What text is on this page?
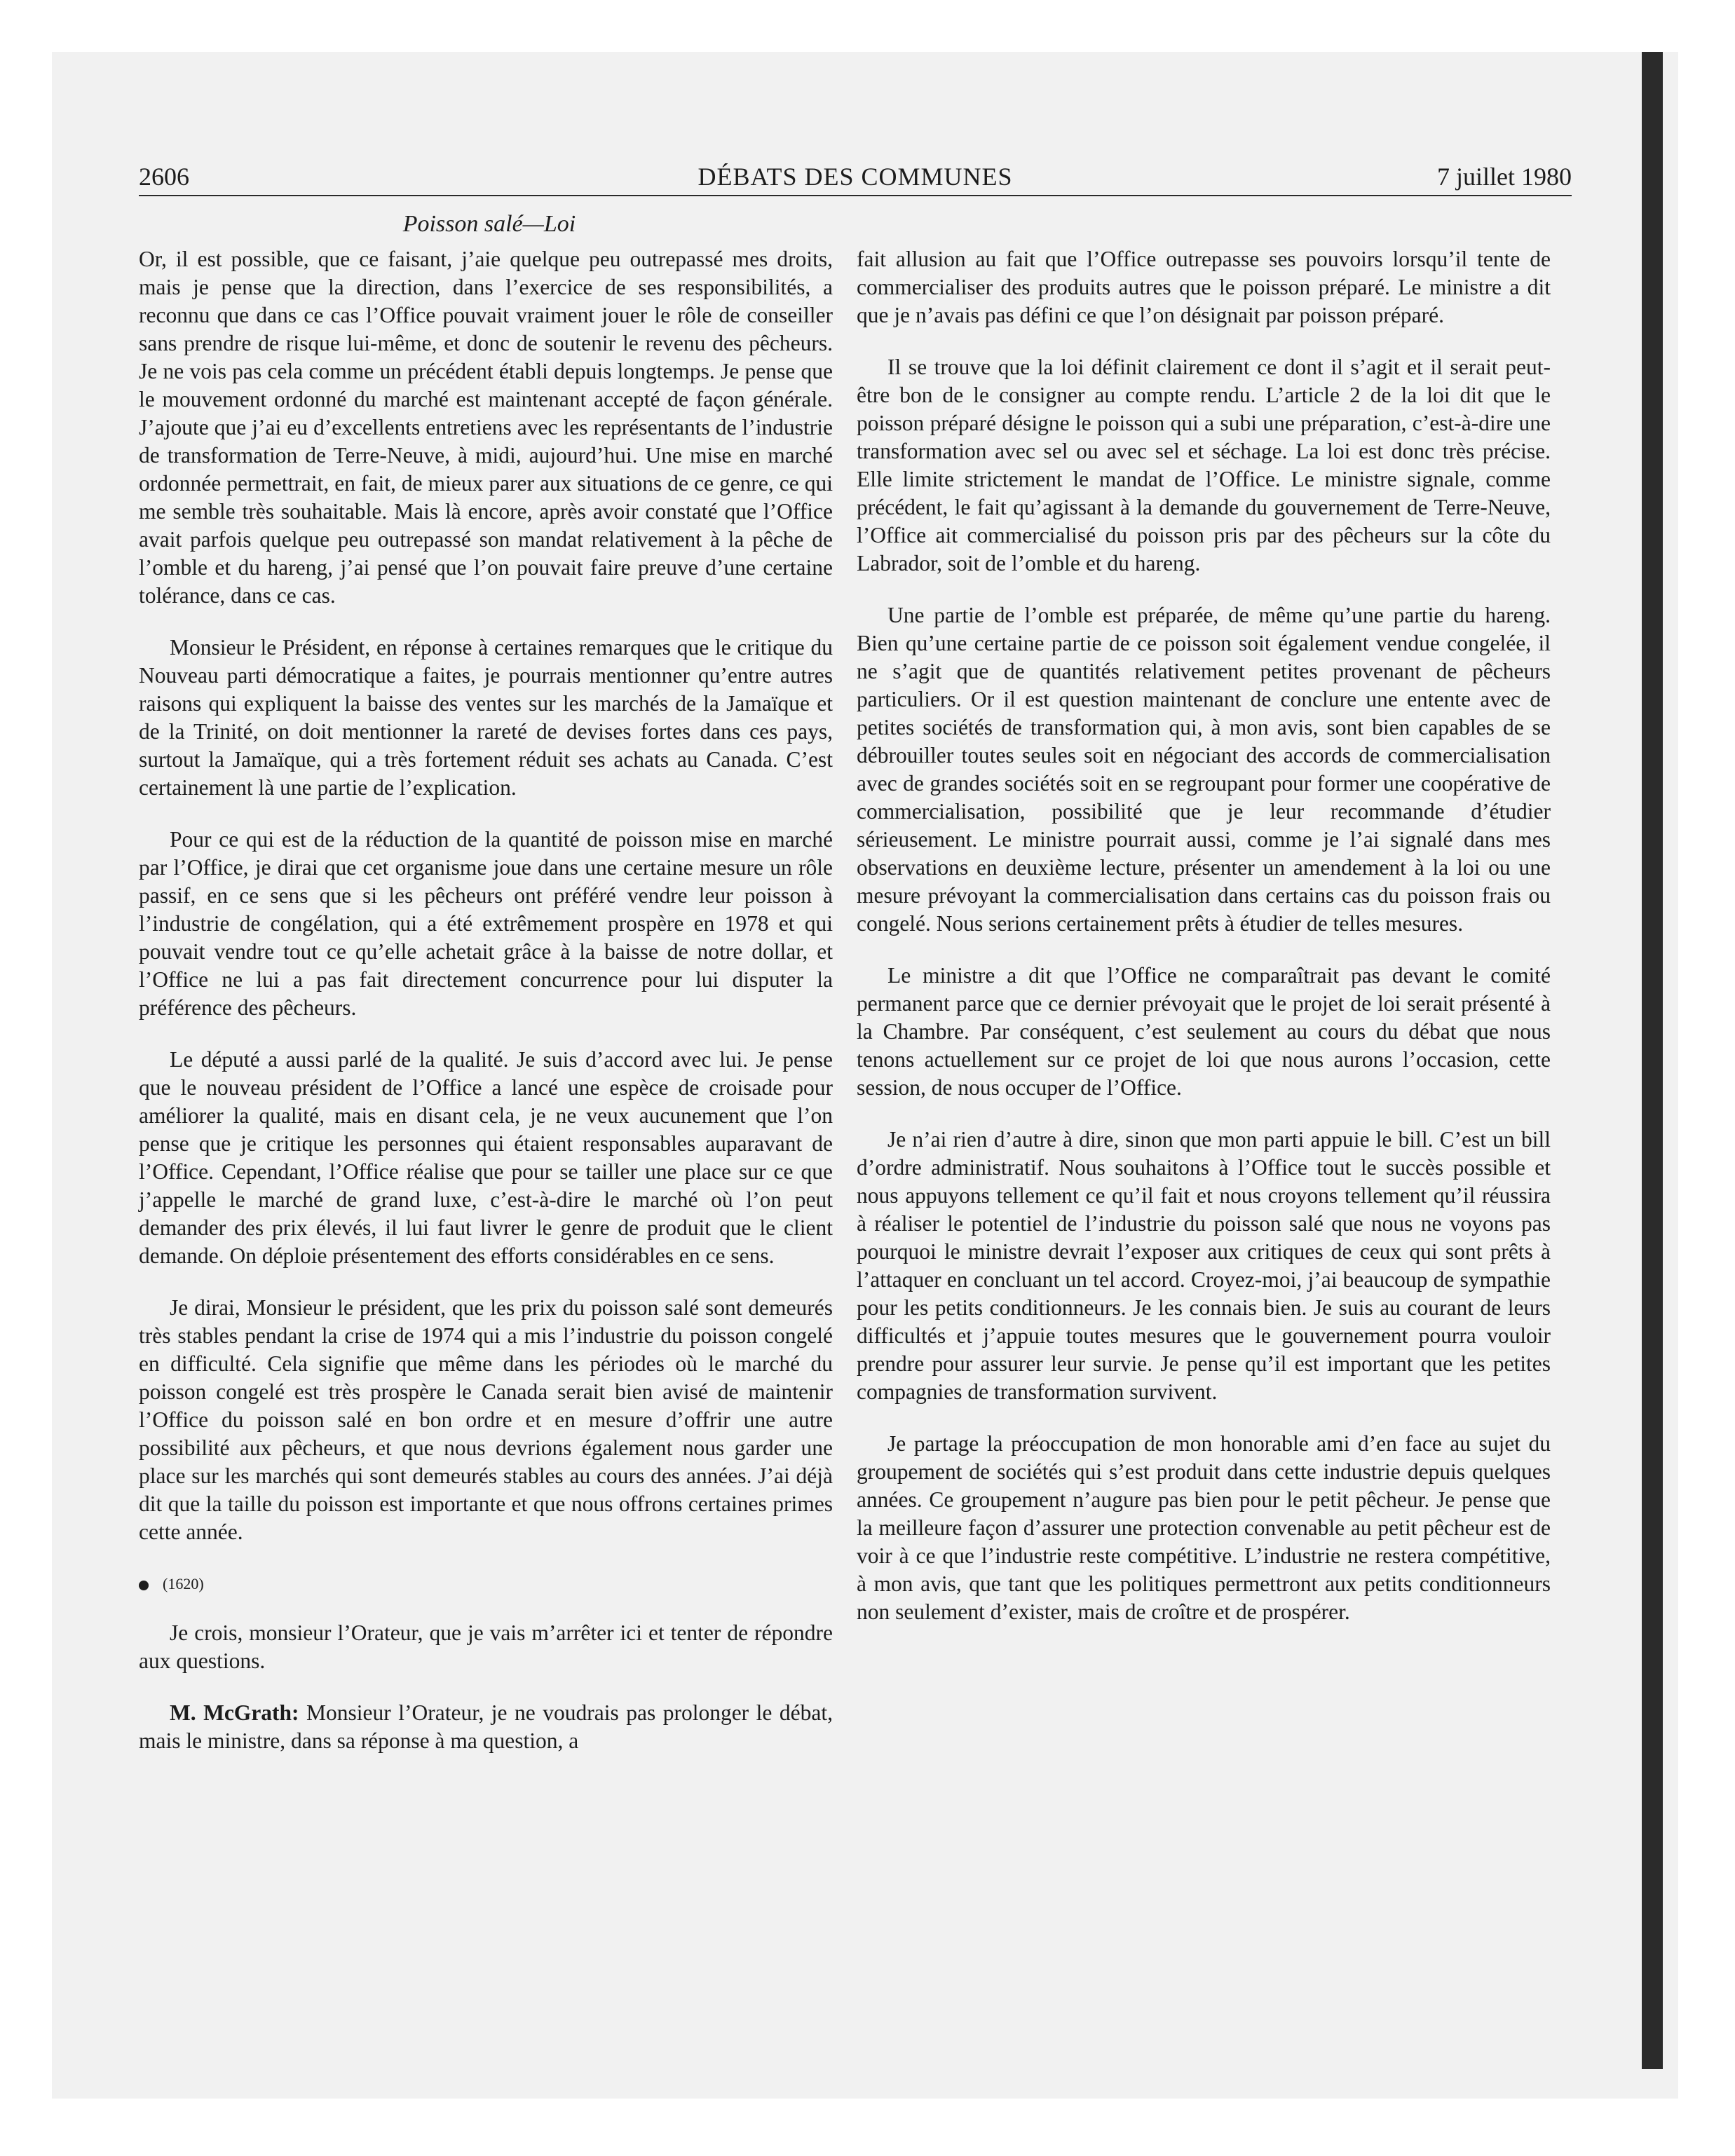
2606	DÉBATS DES COMMUNES	7 juillet 1980
Poisson salé—Loi

Or, il est possible, que ce faisant, j’aie quelque peu outrepassé mes droits, mais je pense que la direction, dans l’exercice de ses responsibilités, a reconnu que dans ce cas l’Office pouvait vraiment jouer le rôle de conseiller sans prendre de risque lui-même, et donc de soutenir le revenu des pêcheurs. Je ne vois pas cela comme un précédent établi depuis longtemps. Je pense que le mouvement ordonné du marché est maintenant accepté de façon générale. J’ajoute que j’ai eu d’excellents entretiens avec les représentants de l’industrie de transformation de Terre-Neuve, à midi, aujourd’hui. Une mise en marché ordonnée permettrait, en fait, de mieux parer aux situations de ce genre, ce qui me semble très souhaitable. Mais là encore, après avoir constaté que l’Office avait parfois quelque peu outrepassé son mandat relativement à la pêche de l’omble et du hareng, j’ai pensé que l’on pouvait faire preuve d’une certaine tolérance, dans ce cas.

Monsieur le Président, en réponse à certaines remarques que le critique du Nouveau parti démocratique a faites, je pourrais mentionner qu’entre autres raisons qui expliquent la baisse des ventes sur les marchés de la Jamaïque et de la Trinité, on doit mentionner la rareté de devises fortes dans ces pays, surtout la Jamaïque, qui a très fortement réduit ses achats au Canada. C’est certainement là une partie de l’explication.

Pour ce qui est de la réduction de la quantité de poisson mise en marché par l’Office, je dirai que cet organisme joue dans une certaine mesure un rôle passif, en ce sens que si les pêcheurs ont préféré vendre leur poisson à l’industrie de congélation, qui a été extrêmement prospère en 1978 et qui pouvait vendre tout ce qu’elle achetait grâce à la baisse de notre dollar, et l’Office ne lui a pas fait directement concurrence pour lui disputer la préférence des pêcheurs.

Le député a aussi parlé de la qualité. Je suis d’accord avec lui. Je pense que le nouveau président de l’Office a lancé une espèce de croisade pour améliorer la qualité, mais en disant cela, je ne veux aucunement que l’on pense que je critique les personnes qui étaient responsables auparavant de l’Office. Cependant, l’Office réalise que pour se tailler une place sur ce que j’appelle le marché de grand luxe, c’est-à-dire le marché où l’on peut demander des prix élevés, il lui faut livrer le genre de produit que le client demande. On déploie présentement des efforts considérables en ce sens.

Je dirai, Monsieur le président, que les prix du poisson salé sont demeurés très stables pendant la crise de 1974 qui a mis l’industrie du poisson congelé en difficulté. Cela signifie que même dans les périodes où le marché du poisson congelé est très prospère le Canada serait bien avisé de maintenir l’Office du poisson salé en bon ordre et en mesure d’offrir une autre possibilité aux pêcheurs, et que nous devrions également nous garder une place sur les marchés qui sont demeurés stables au cours des années. J’ai déjà dit que la taille du poisson est importante et que nous offrons certaines primes cette année.

(1620)

Je crois, monsieur l’Orateur, que je vais m’arrêter ici et tenter de répondre aux questions.

M. McGrath: Monsieur l’Orateur, je ne voudrais pas prolonger le débat, mais le ministre, dans sa réponse à ma question, a

fait allusion au fait que l’Office outrepasse ses pouvoirs lorsqu’il tente de commercialiser des produits autres que le poisson préparé. Le ministre a dit que je n’avais pas défini ce que l’on désignait par poisson préparé.

Il se trouve que la loi définit clairement ce dont il s’agit et il serait peut-être bon de le consigner au compte rendu. L’article 2 de la loi dit que le poisson préparé désigne le poisson qui a subi une préparation, c’est-à-dire une transformation avec sel ou avec sel et séchage. La loi est donc très précise. Elle limite strictement le mandat de l’Office. Le ministre signale, comme précédent, le fait qu’agissant à la demande du gouvernement de Terre-Neuve, l’Office ait commercialisé du poisson pris par des pêcheurs sur la côte du Labrador, soit de l’omble et du hareng.

Une partie de l’omble est préparée, de même qu’une partie du hareng. Bien qu’une certaine partie de ce poisson soit également vendue congelée, il ne s’agit que de quantités relativement petites provenant de pêcheurs particuliers. Or il est question maintenant de conclure une entente avec de petites sociétés de transformation qui, à mon avis, sont bien capables de se débrouiller toutes seules soit en négociant des accords de commercialisation avec de grandes sociétés soit en se regroupant pour former une coopérative de commercialisation, possibilité que je leur recommande d’étudier sérieusement. Le ministre pourrait aussi, comme je l’ai signalé dans mes observations en deuxième lecture, présenter un amendement à la loi ou une mesure prévoyant la commercialisation dans certains cas du poisson frais ou congelé. Nous serions certainement prêts à étudier de telles mesures.

Le ministre a dit que l’Office ne comparaîtrait pas devant le comité permanent parce que ce dernier prévoyait que le projet de loi serait présenté à la Chambre. Par conséquent, c’est seulement au cours du débat que nous tenons actuellement sur ce projet de loi que nous aurons l’occasion, cette session, de nous occuper de l’Office.

Je n’ai rien d’autre à dire, sinon que mon parti appuie le bill. C’est un bill d’ordre administratif. Nous souhaitons à l’Office tout le succès possible et nous appuyons tellement ce qu’il fait et nous croyons tellement qu’il réussira à réaliser le potentiel de l’industrie du poisson salé que nous ne voyons pas pourquoi le ministre devrait l’exposer aux critiques de ceux qui sont prêts à l’attaquer en concluant un tel accord. Croyez-moi, j’ai beaucoup de sympathie pour les petits conditionneurs. Je les connais bien. Je suis au courant de leurs difficultés et j’appuie toutes mesures que le gouvernement pourra vouloir prendre pour assurer leur survie. Je pense qu’il est important que les petites compagnies de transformation survivent.

Je partage la préoccupation de mon honorable ami d’en face au sujet du groupement de sociétés qui s’est produit dans cette industrie depuis quelques années. Ce groupement n’augure pas bien pour le petit pêcheur. Je pense que la meilleure façon d’assurer une protection convenable au petit pêcheur est de voir à ce que l’industrie reste compétitive. L’industrie ne restera compétitive, à mon avis, que tant que les politiques permettront aux petits conditionneurs non seulement d’exister, mais de croître et de prospérer.
